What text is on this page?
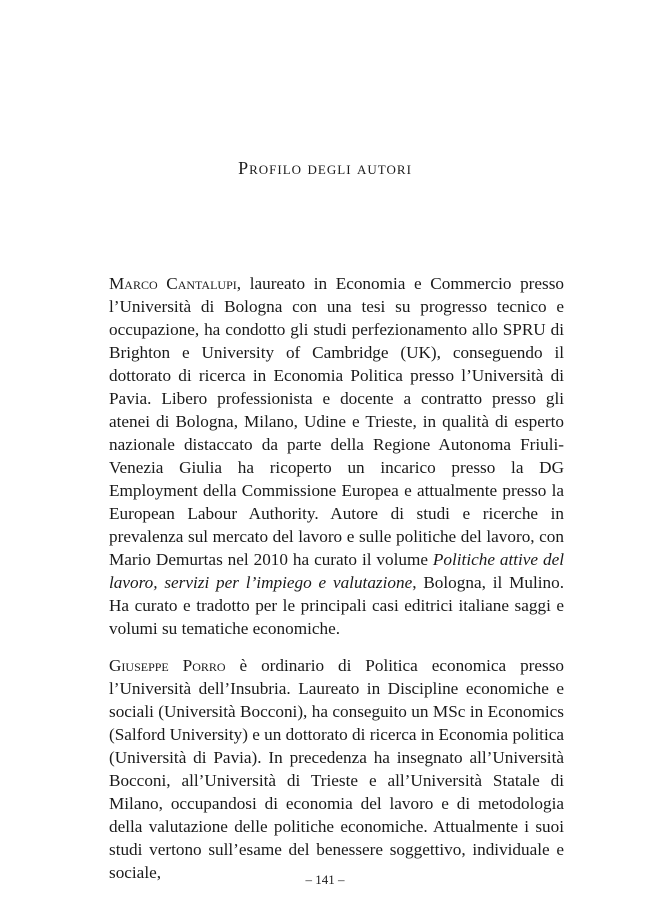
Profilo degli autori

Marco Cantalupi, laureato in Economia e Commercio presso l’Università di Bologna con una tesi su progresso tecnico e occupazione, ha condotto gli studi perfezionamento allo SPRU di Brighton e University of Cambridge (UK), conseguendo il dottorato di ricerca in Economia Politica presso l’Università di Pavia. Libero professionista e docente a contratto presso gli atenei di Bologna, Milano, Udine e Trieste, in qualità di esperto nazionale distaccato da parte della Regione Autonoma Friuli-Venezia Giulia ha ricoperto un incarico presso la DG Employment della Commissione Europea e attualmente presso la European Labour Authority. Autore di studi e ricerche in prevalenza sul mercato del lavoro e sulle politiche del lavoro, con Mario Demurtas nel 2010 ha curato il volume Politiche attive del lavoro, servizi per l’impiego e valutazione, Bologna, il Mulino. Ha curato e tradotto per le principali casi editrici italiane saggi e volumi su tematiche economiche.

Giuseppe Porro è ordinario di Politica economica presso l’Università dell’Insubria. Laureato in Discipline economiche e sociali (Università Bocconi), ha conseguito un MSc in Economics (Salford University) e un dottorato di ricerca in Economia politica (Università di Pavia). In precedenza ha insegnato all’Università Bocconi, all’Università di Trieste e all’Università Statale di Milano, occupandosi di economia del lavoro e di metodologia della valutazione delle politiche economiche. Attualmente i suoi studi vertono sull’esame del benessere soggettivo, individuale e sociale,	– 141 –
